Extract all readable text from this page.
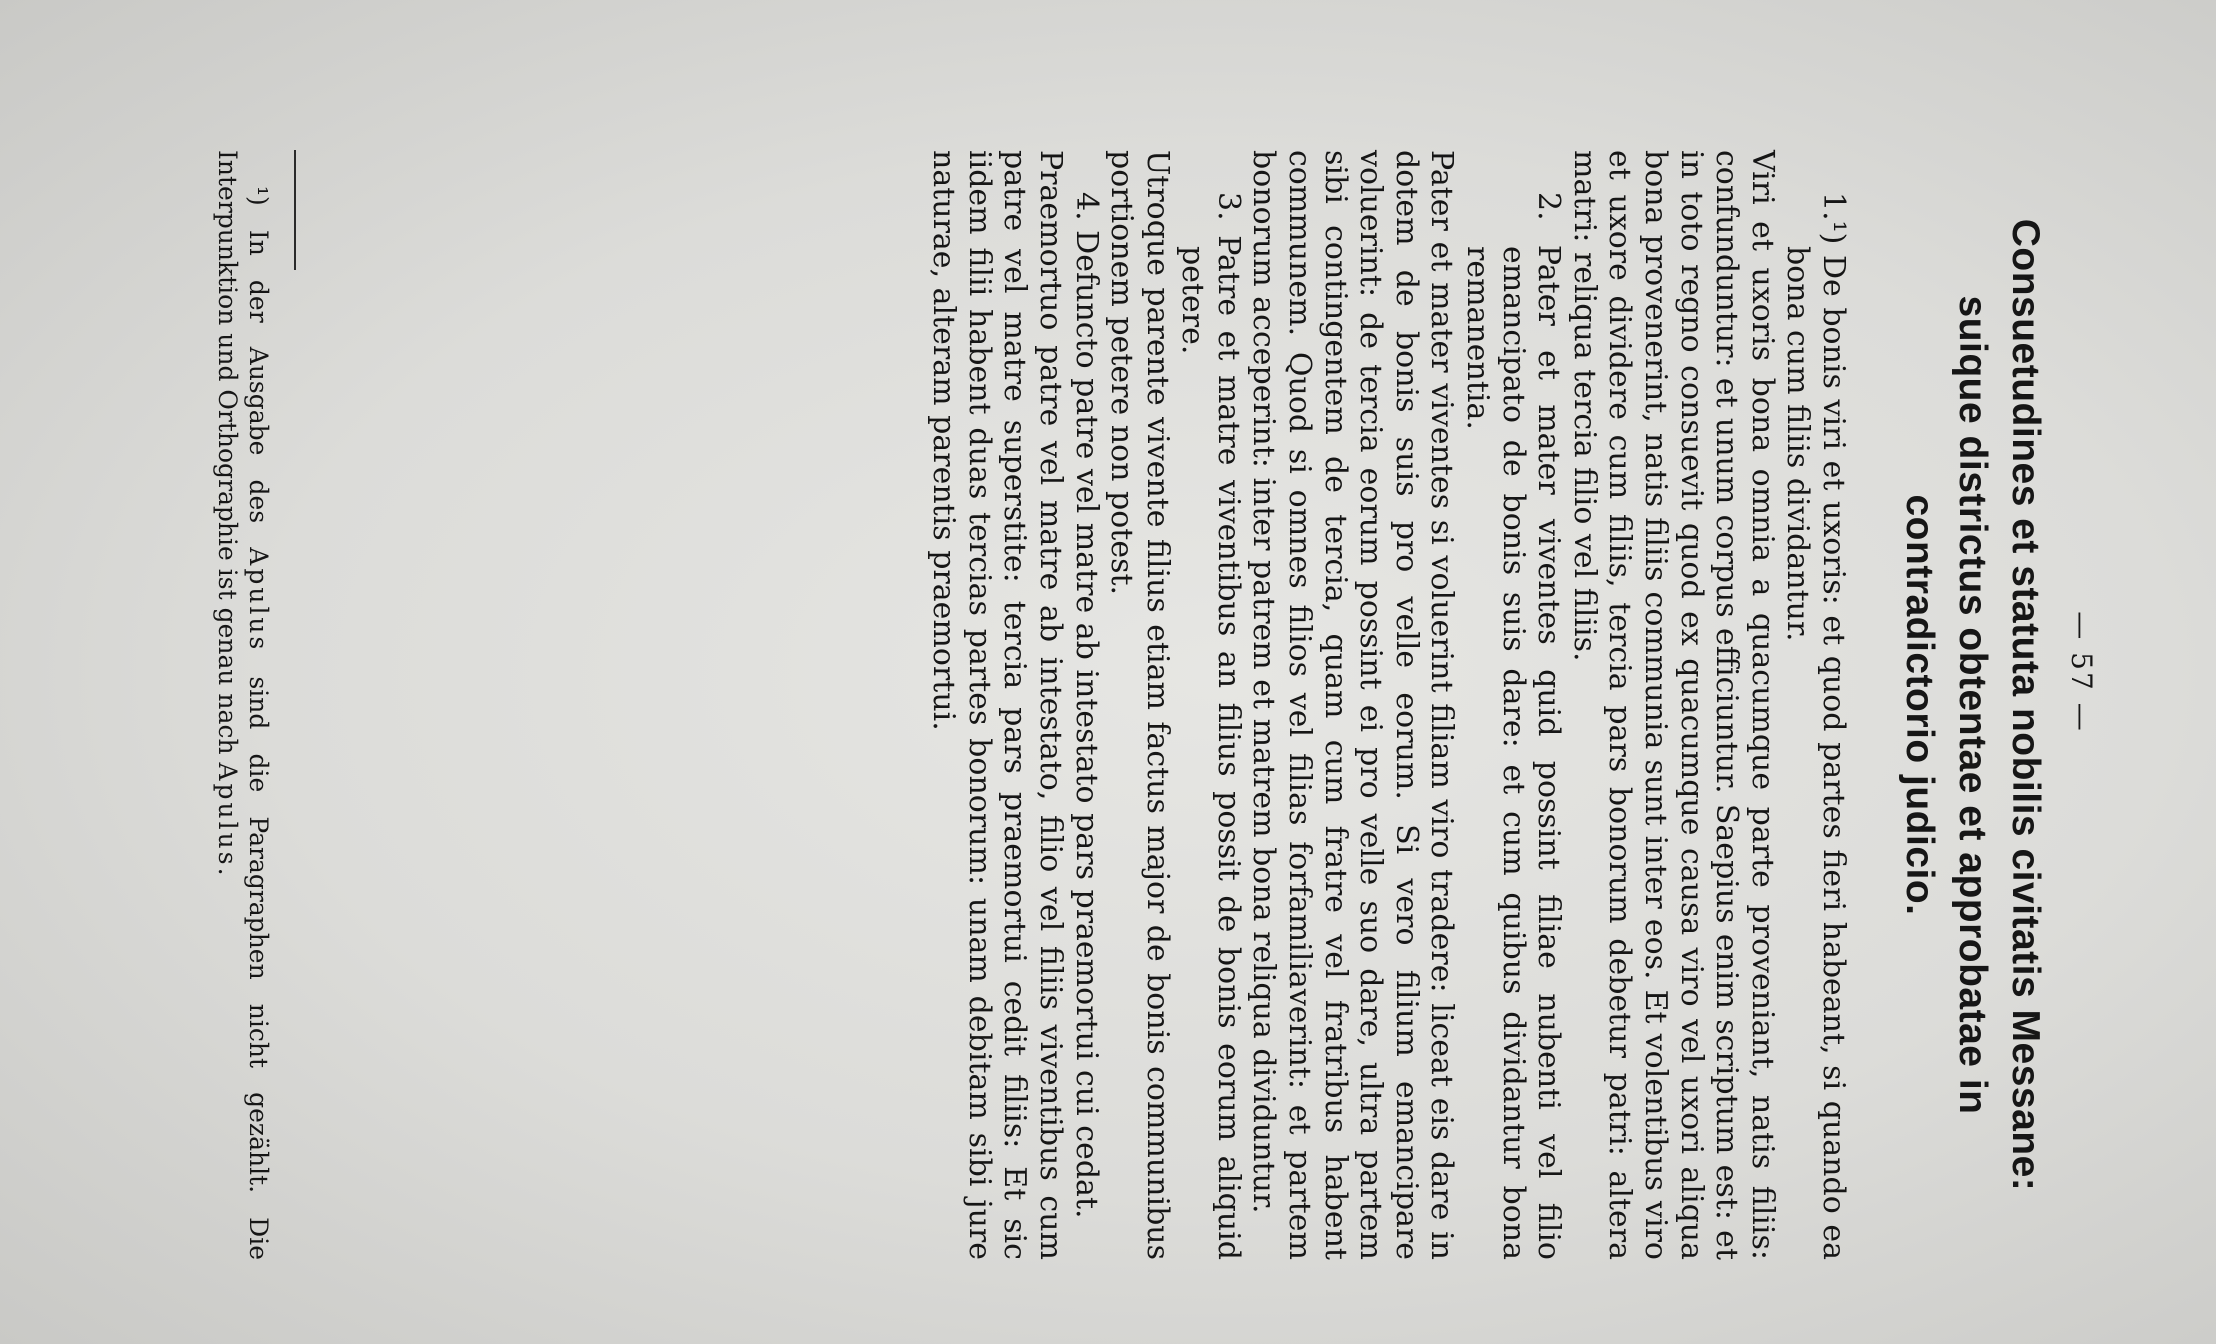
— 57 —
Consuetudines et statuta nobilis civitatis Messane:
suique districtus obtentae et approbatae in
contradictorio judicio.

1.¹) De bonis viri et uxoris: et quod partes fieri habeant, si quando ea bona cum filiis dividantur.

Viri et uxoris bona omnia a quacumque parte proveniant, natis filiis: confunduntur: et unum corpus efficiuntur. Saepius enim scriptum est: et in toto regno consuevit quod ex quacumque causa viro vel uxori aliqua bona provenerint, natis filiis communia sunt inter eos. Et volentibus viro et uxore dividere cum filiis, tercia pars bonorum debetur patri: altera matri: reliqua tercia filio vel filiis.

2. Pater et mater viventes quid possint filiae nubenti vel filio emancipato de bonis suis dare: et cum quibus dividantur bona remanentia.

Pater et mater viventes si voluerint filiam viro tradere: liceat eis dare in dotem de bonis suis pro velle eorum. Si vero filium emancipare voluerint: de tercia eorum possint ei pro velle suo dare, ultra partem sibi contingentem de tercia, quam cum fratre vel fratribus habent communem. Quod si omnes filios vel filias forfamiliaverint: et partem bonorum acceperint: inter patrem et matrem bona reliqua dividuntur.

3. Patre et matre viventibus an filius possit de bonis eorum aliquid petere.

Utroque parente vivente filius etiam factus major de bonis communibus portionem petere non potest.

4. Defuncto patre vel matre ab intestato pars praemortui cui cedat.

Praemortuo patre vel matre ab intestato, filio vel filiis viventibus cum patre vel matre superstite: tercia pars praemortui cedit filiis: Et sic iidem filii habent duas tercias partes bonorum: unam debitam sibi jure naturae, alteram parentis praemortui.

¹) In der Ausgabe des Apulus sind die Paragraphen nicht gezählt. Die Interpunktion und Orthographie ist genau nach Apulus.
